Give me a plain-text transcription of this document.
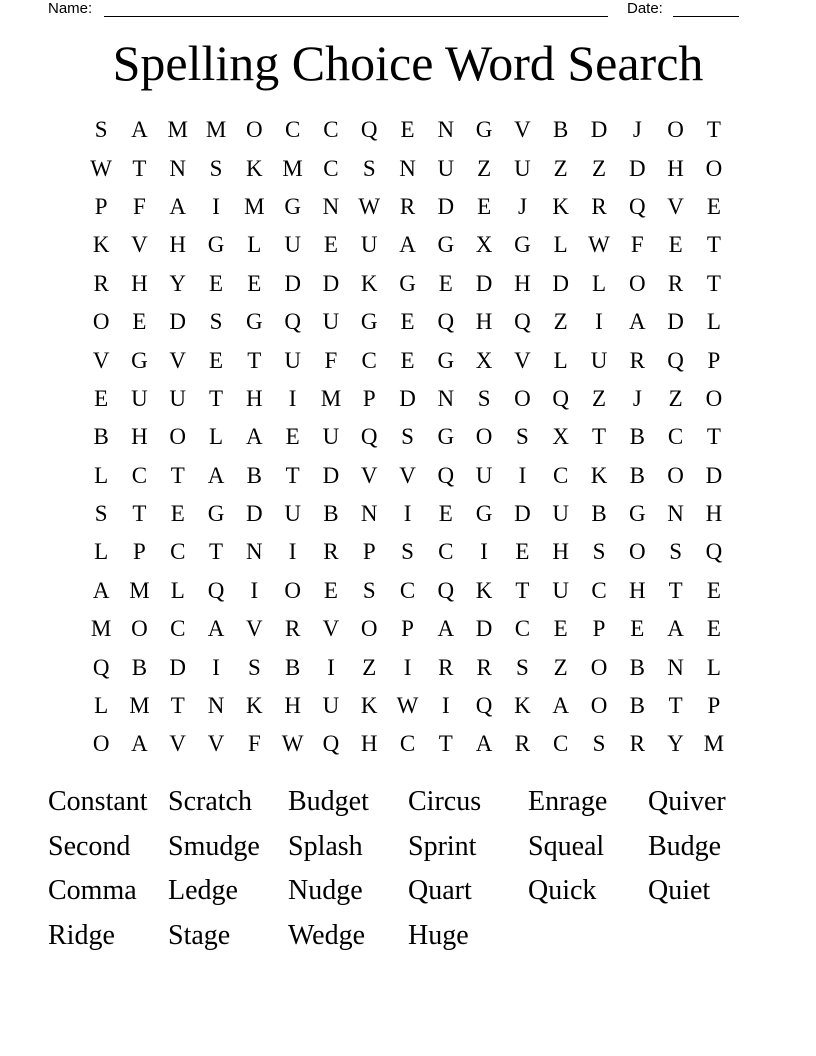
Name:	Date:
Spelling Choice Word Search
S	A M M O C C Q E N G V B D	J	O T
W T N	S	K M C	S	N U Z U Z	Z D H O
P	F	A	I	M G N W R D E	J	K R Q V E
K V H G L U E U A G X G L W F	E	T
R H Y E	E D D K G E D H D L O R	T
O E D	S	G Q U G E Q H Q Z	I	A D L
V G V E	T U	F	C	E G X V L U R Q	P
E U U T H	I	M P	D N	S	O Q Z	J	Z O
B H O L A E U Q	S	G O	S	X T	B C	T
L	C	T A B	T D V V Q U	I	C K B O D
S	T	E G D U B N	I	E G D U B G N H
L	P	C	T N	I	R	P	S	C	I	E H	S	O	S	Q
A M L Q	I	O E	S	C Q K T U C H T	E
M O C A V R V O	P	A D C	E	P	E A E
Q B D	I	S	B	I	Z	I	R R	S	Z O B N L
L M T N K H U K W	I	Q K A O B	T	P
O A V V	F W Q H C	T A R C	S	R Y M
Constant Scratch	Budget	Circus	Enrage	Quiver
Second	Smudge	Splash	Sprint	Squeal	Budge
Comma	Ledge	Nudge	Quart	Quick	Quiet
Ridge	Stage	Wedge	Huge
